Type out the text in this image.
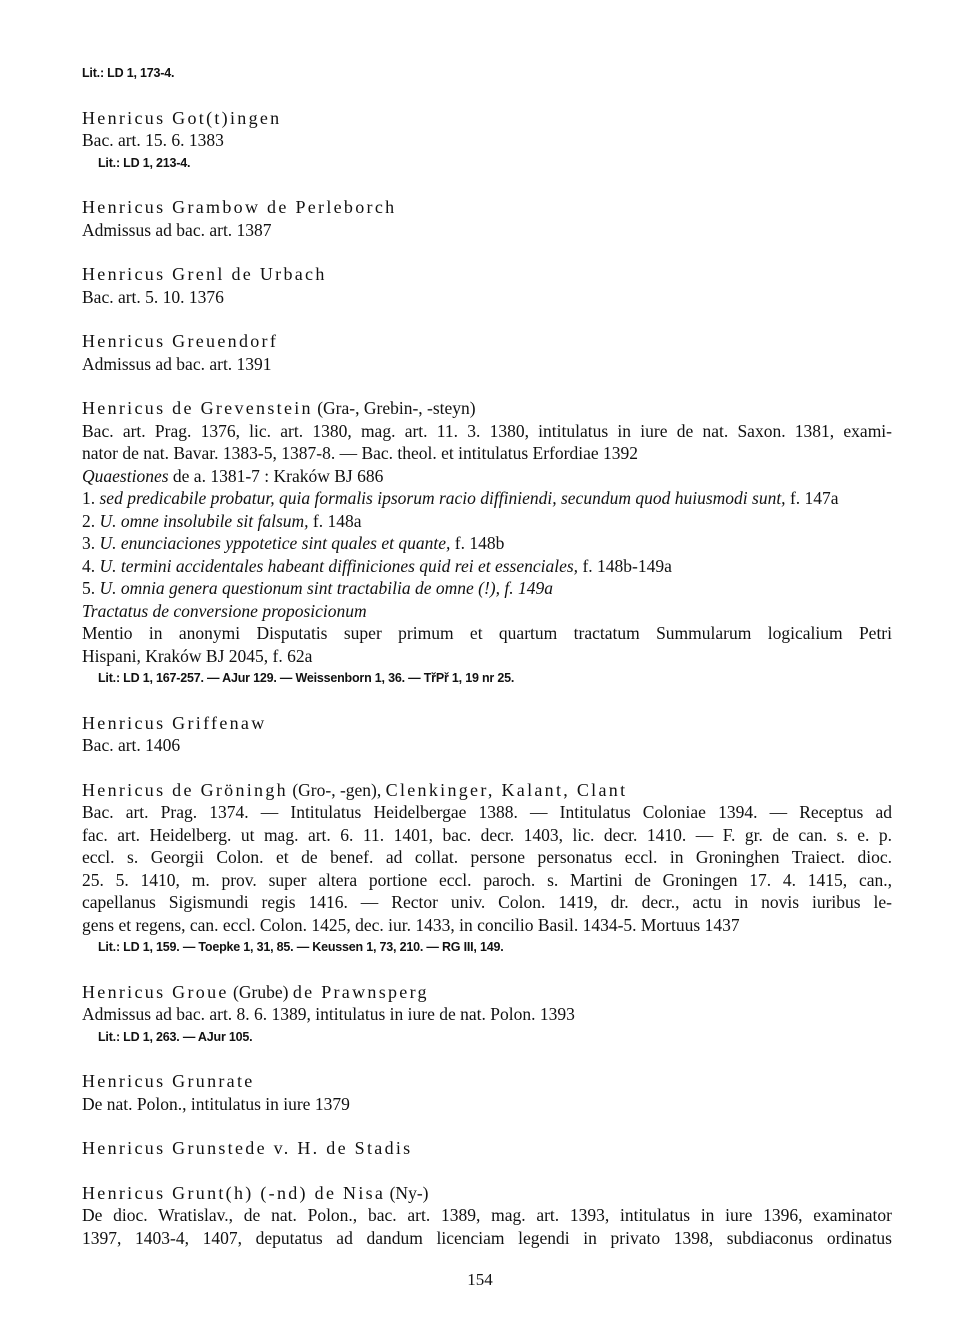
Lit.: LD 1, 173-4.
Henricus Got(t)ingen
Bac. art. 15. 6. 1383
Lit.: LD 1, 213-4.
Henricus Grambow de Perleborch
Admissus ad bac. art. 1387
Henricus Grenl de Urbach
Bac. art. 5. 10. 1376
Henricus Greuendorf
Admissus ad bac. art. 1391
Henricus de Grevenstein (Gra-, Grebin-, -steyn)
Bac. art. Prag. 1376, lic. art. 1380, mag. art. 11. 3. 1380, intitulatus in iure de nat. Saxon. 1381, exami-
nator de nat. Bavar. 1383-5, 1387-8. — Bac. theol. et intitulatus Erfordiae 1392
Quaestiones de a. 1381-7 : Kraków BJ 686
1. sed predicabile probatur, quia formalis ipsorum racio diffiniendi, secundum quod huiusmodi sunt, f. 147a
2. U. omne insolubile sit falsum, f. 148a
3. U. enunciaciones yppotetice sint quales et quante, f. 148b
4. U. termini accidentales habeant diffiniciones quid rei et essenciales, f. 148b-149a
5. U. omnia genera questionum sint tractabilia de omne (!), f. 149a
Tractatus de conversione proposicionum
Mentio in anonymi Disputatis super primum et quartum tractatum Summularum logicalium Petri
Hispani, Kraków BJ 2045, f. 62a
Lit.: LD 1, 167-257. — AJur 129. — Weissenborn 1, 36. — TřPř 1, 19 nr 25.
Henricus Griffenaw
Bac. art. 1406
Henricus de Gröningh (Gro-, -gen), Clenkinger, Kalant, Clant
Bac. art. Prag. 1374. — Intitulatus Heidelbergae 1388. — Intitulatus Coloniae 1394. — Receptus ad
fac. art. Heidelberg. ut mag. art. 6. 11. 1401, bac. decr. 1403, lic. decr. 1410. — F. gr. de can. s. e. p.
eccl. s. Georgii Colon. et de benef. ad collat. persone personatus eccl. in Groninghen Traiect. dioc.
25. 5. 1410, m. prov. super altera portione eccl. paroch. s. Martini de Groningen 17. 4. 1415, can.,
capellanus Sigismundi regis 1416. — Rector univ. Colon. 1419, dr. decr., actu in novis iuribus le-
gens et regens, can. eccl. Colon. 1425, dec. iur. 1433, in concilio Basil. 1434-5. Mortuus 1437
Lit.: LD 1, 159. — Toepke 1, 31, 85. — Keussen 1, 73, 210. — RG III, 149.
Henricus Groue (Grube) de Prawnsperg
Admissus ad bac. art. 8. 6. 1389, intitulatus in iure de nat. Polon. 1393
Lit.: LD 1, 263. — AJur 105.
Henricus Grunrate
De nat. Polon., intitulatus in iure 1379
Henricus Grunstede v. H. de Stadis
Henricus Grunt(h) (-nd) de Nisa (Ny-)
De dioc. Wratislav., de nat. Polon., bac. art. 1389, mag. art. 1393, intitulatus in iure 1396, examinator
1397, 1403-4, 1407, deputatus ad dandum licenciam legendi in privato 1398, subdiaconus ordinatus
154
